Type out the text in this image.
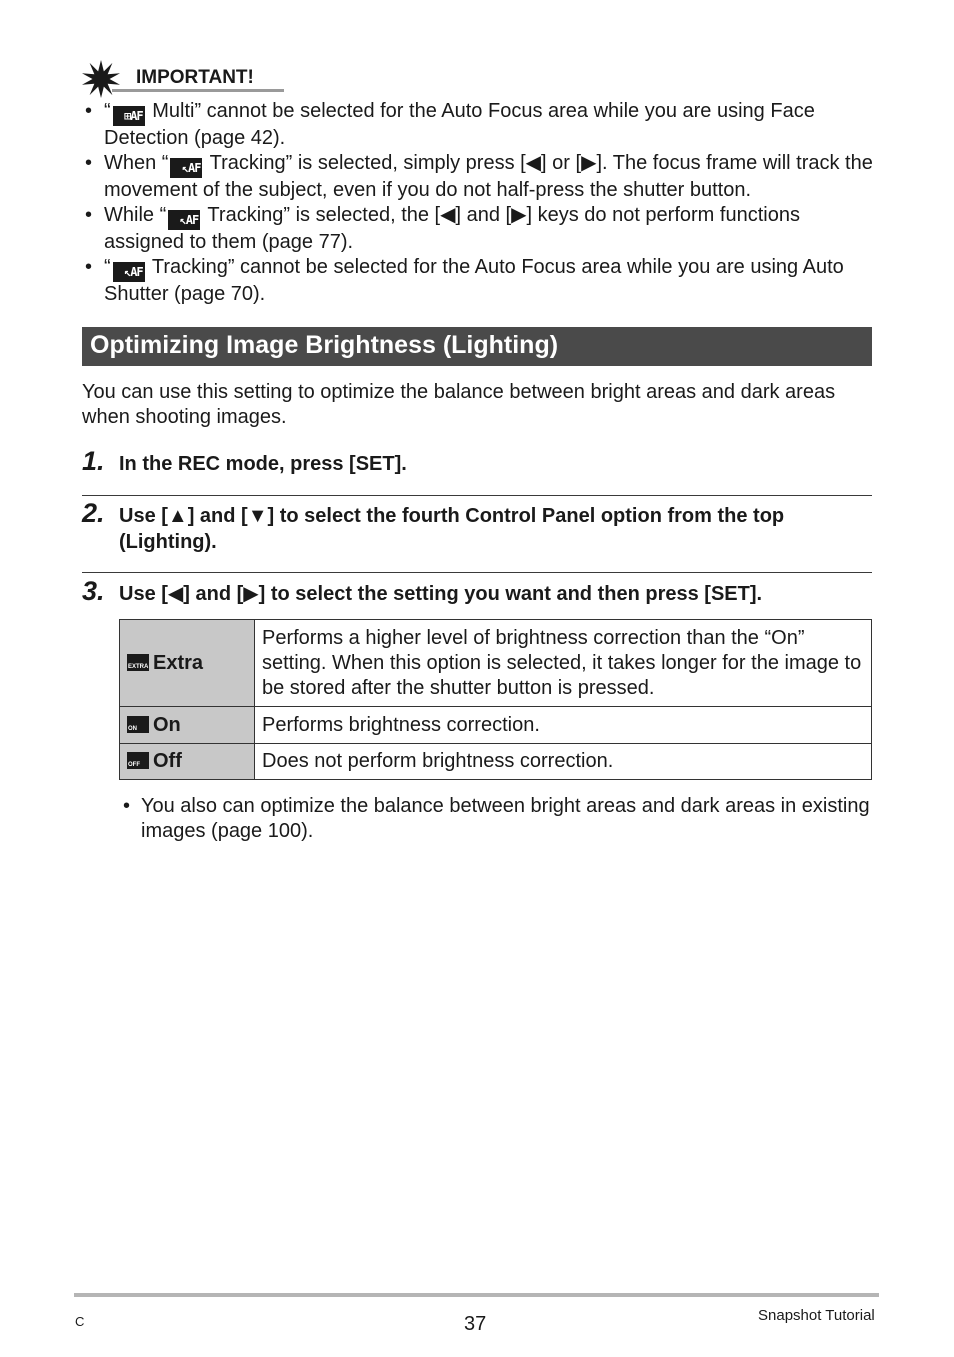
IMPORTANT!
• “ ⊞AF Multi” cannot be selected for the Auto Focus area while you are using Face Detection (page 42).
• When “ ↖AF Tracking” is selected, simply press [◀] or [▶]. The focus frame will track the movement of the subject, even if you do not half-press the shutter button.
• While “ ↖AF Tracking” is selected, the [◀] and [▶] keys do not perform functions assigned to them (page 77).
• “ ↖AF Tracking” cannot be selected for the Auto Focus area while you are using Auto Shutter (page 70).
Optimizing Image Brightness (Lighting)
You can use this setting to optimize the balance between bright areas and dark areas when shooting images.
1. In the REC mode, press [SET].
2. Use [▲] and [▼] to select the fourth Control Panel option from the top (Lighting).
3. Use [◀] and [▶] to select the setting you want and then press [SET].
EXTRA Extra	Performs a higher level of brightness correction than the “On” setting. When this option is selected, it takes longer for the image to be stored after the shutter button is pressed.

ON On	Performs brightness correction.

OFF Off	Does not perform brightness correction.
• You also can optimize the balance between bright areas and dark areas in existing images (page 100).
C	37	Snapshot Tutorial
